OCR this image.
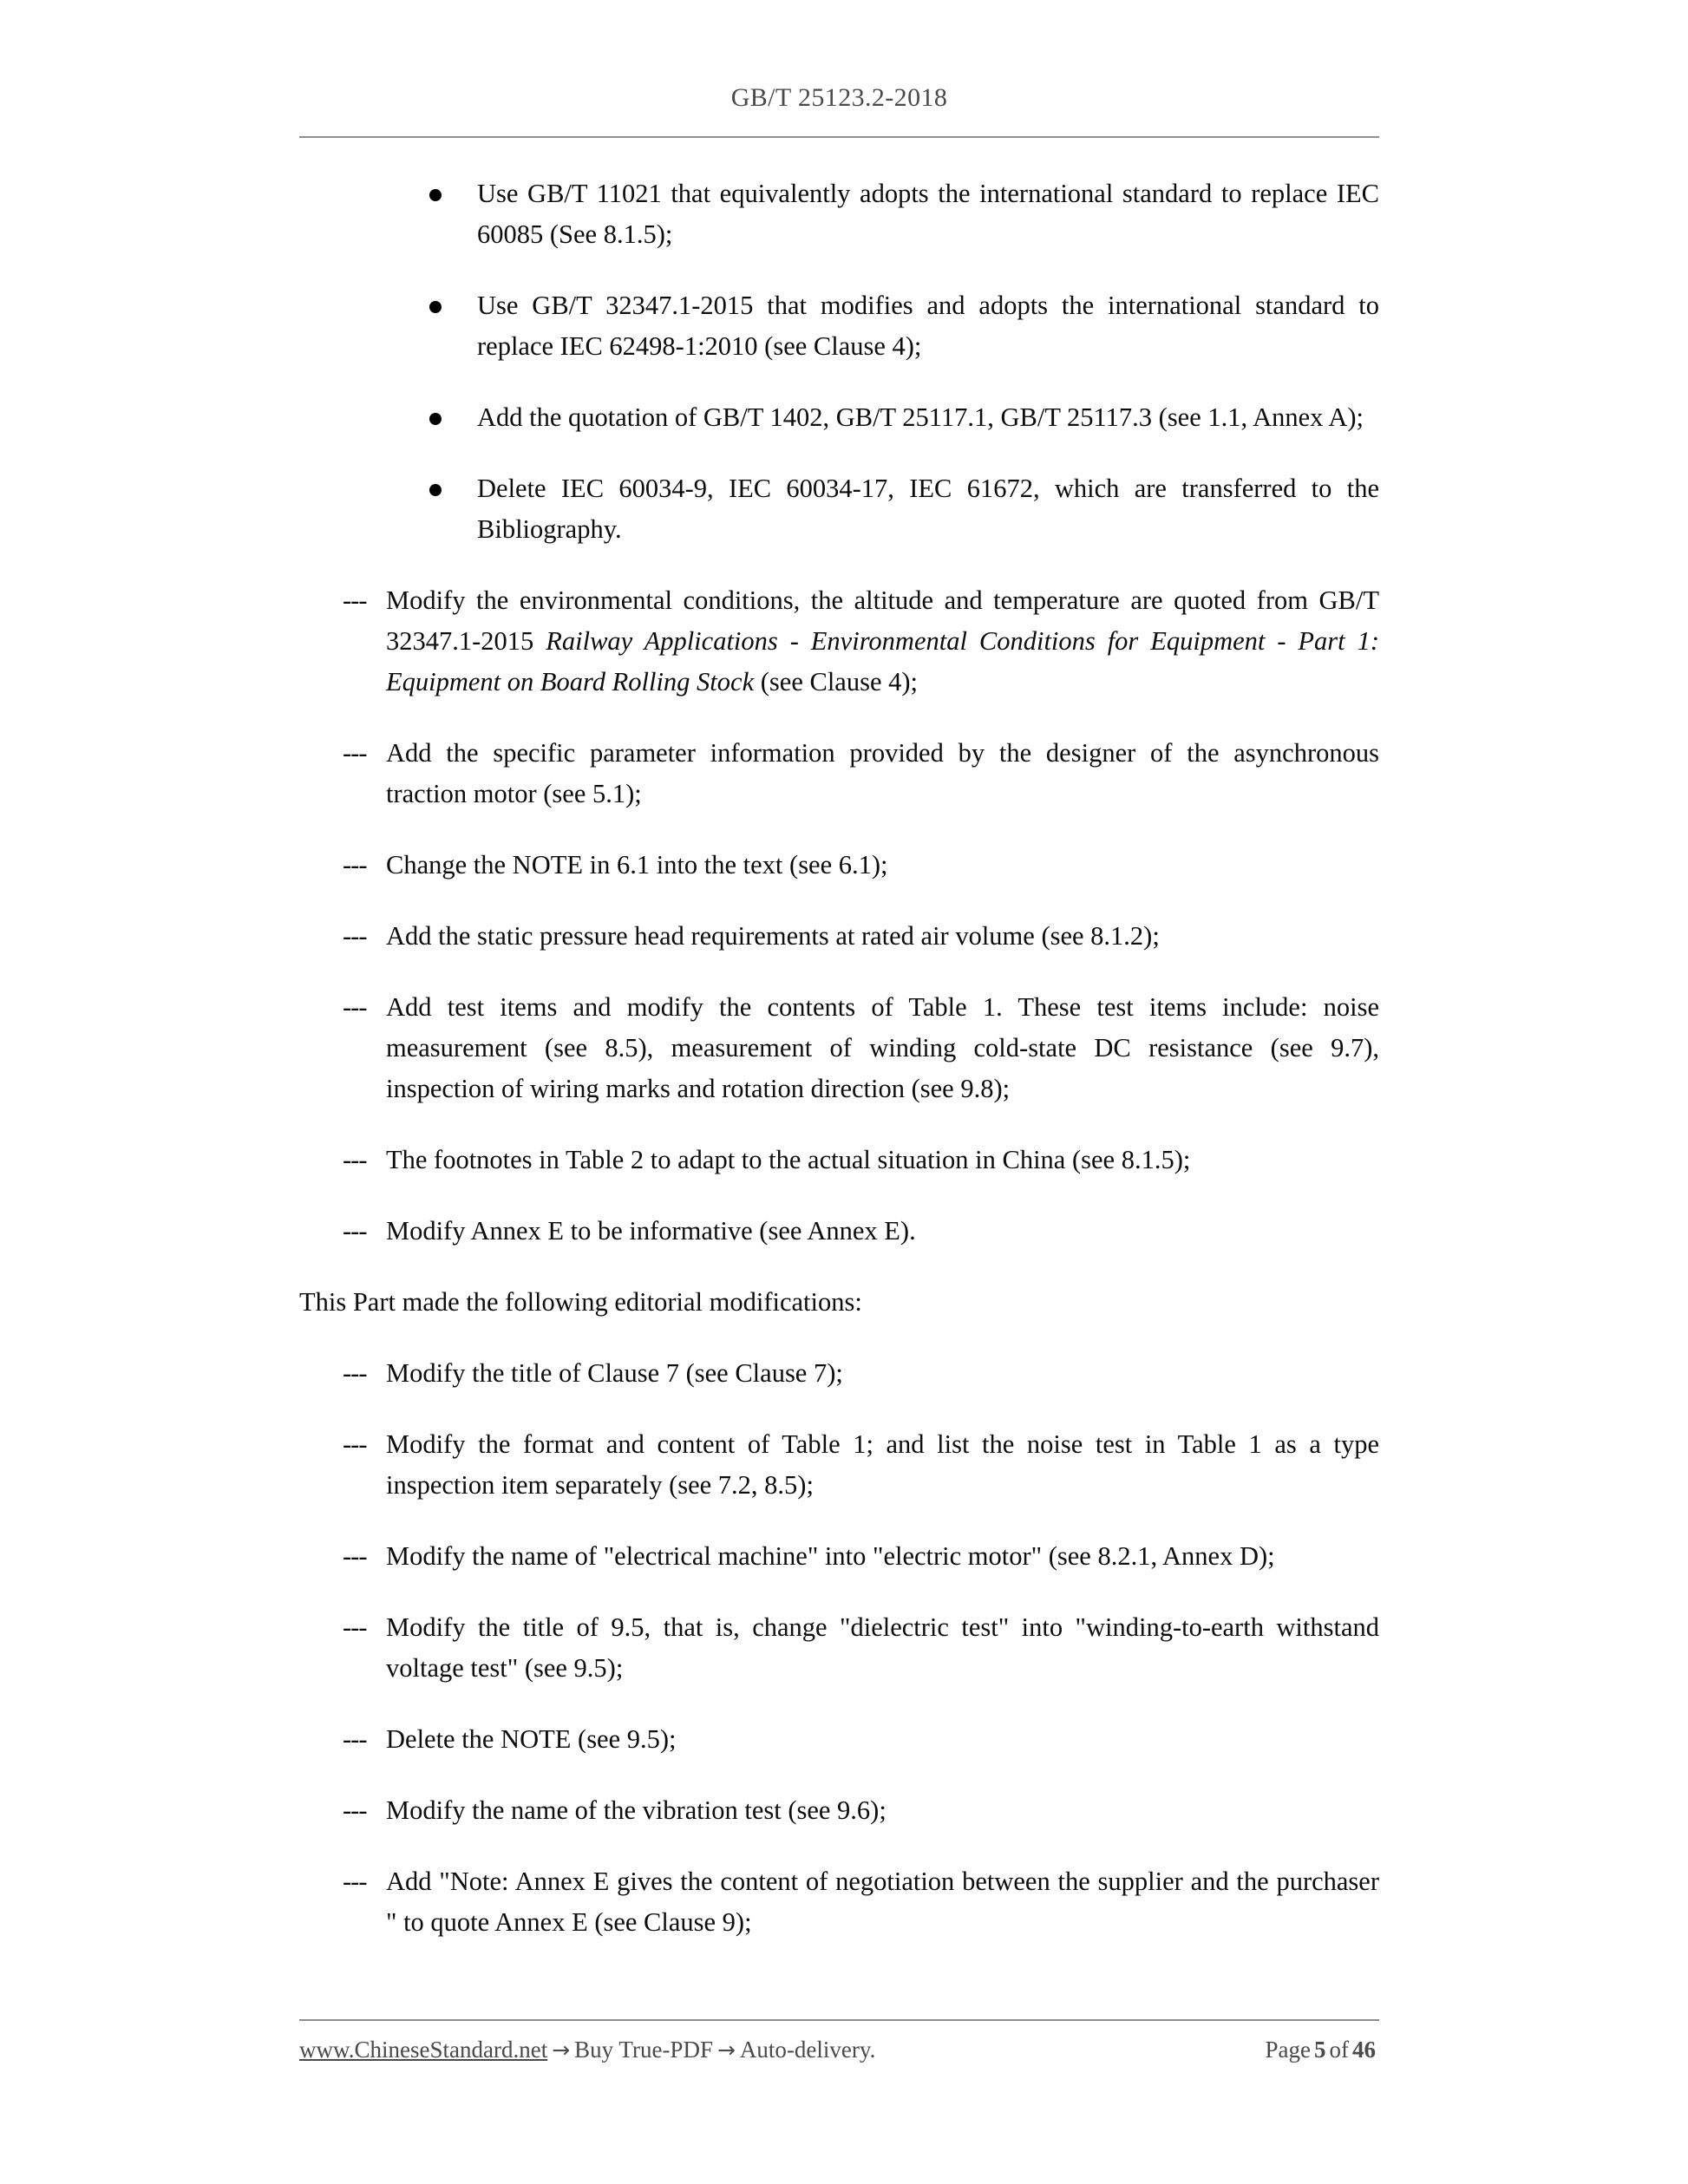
GB/T 25123.2-2018
Use GB/T 11021 that equivalently adopts the international standard to replace IEC 60085 (See 8.1.5);
Use GB/T 32347.1-2015 that modifies and adopts the international standard to replace IEC 62498-1:2010 (see Clause 4);
Add the quotation of GB/T 1402, GB/T 25117.1, GB/T 25117.3 (see 1.1, Annex A);
Delete IEC 60034-9, IEC 60034-17, IEC 61672, which are transferred to the Bibliography.
--- Modify the environmental conditions, the altitude and temperature are quoted from GB/T 32347.1-2015 Railway Applications - Environmental Conditions for Equipment - Part 1: Equipment on Board Rolling Stock (see Clause 4);
--- Add the specific parameter information provided by the designer of the asynchronous traction motor (see 5.1);
--- Change the NOTE in 6.1 into the text (see 6.1);
--- Add the static pressure head requirements at rated air volume (see 8.1.2);
--- Add test items and modify the contents of Table 1. These test items include: noise measurement (see 8.5), measurement of winding cold-state DC resistance (see 9.7), inspection of wiring marks and rotation direction (see 9.8);
--- The footnotes in Table 2 to adapt to the actual situation in China (see 8.1.5);
--- Modify Annex E to be informative (see Annex E).
This Part made the following editorial modifications:
--- Modify the title of Clause 7 (see Clause 7);
--- Modify the format and content of Table 1; and list the noise test in Table 1 as a type inspection item separately (see 7.2, 8.5);
--- Modify the name of "electrical machine" into "electric motor" (see 8.2.1, Annex D);
--- Modify the title of 9.5, that is, change "dielectric test" into "winding-to-earth withstand voltage test" (see 9.5);
--- Delete the NOTE (see 9.5);
--- Modify the name of the vibration test (see 9.6);
--- Add "Note: Annex E gives the content of negotiation between the supplier and the purchaser " to quote Annex E (see Clause 9);
www.ChineseStandard.net → Buy True-PDF → Auto-delivery.	Page 5 of 46
